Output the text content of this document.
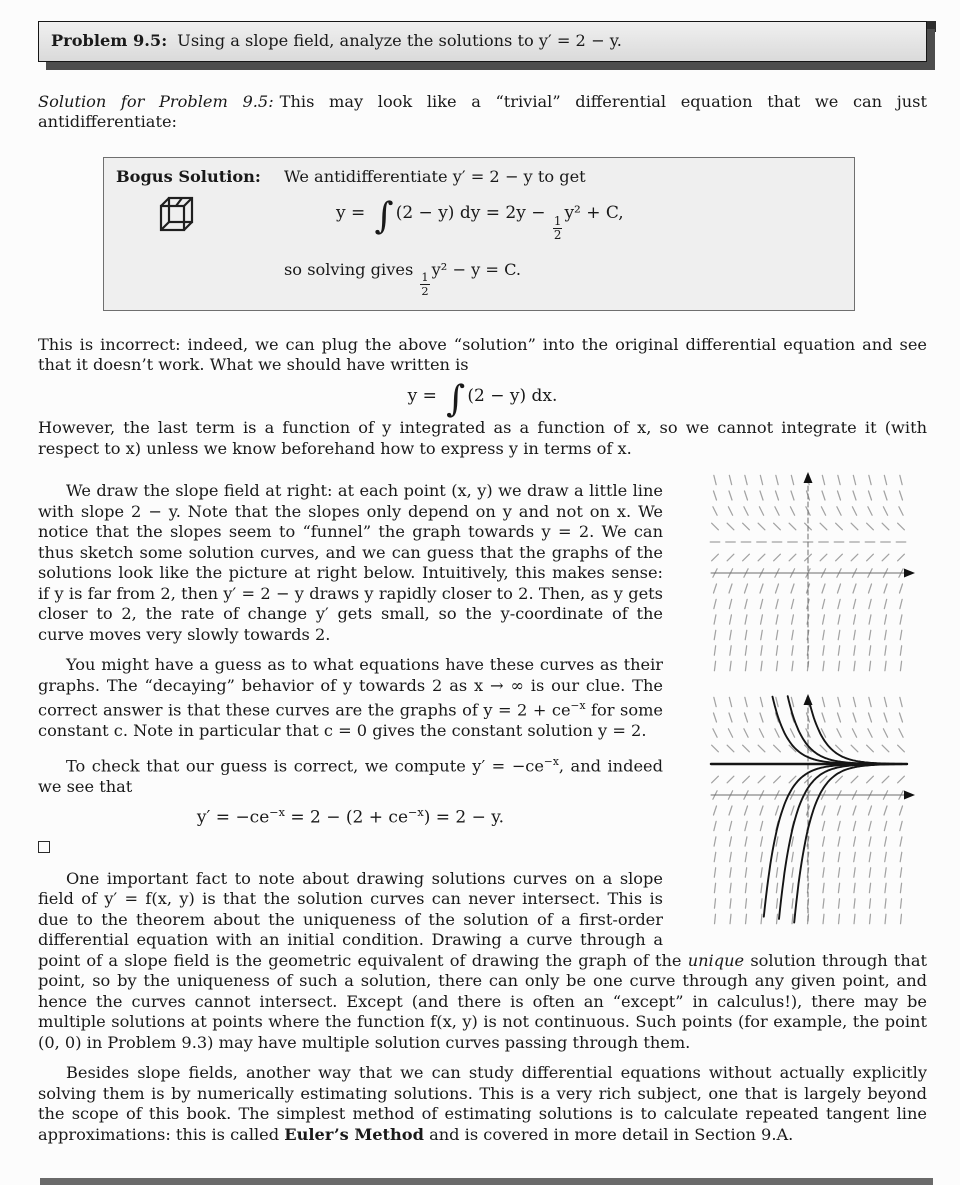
Problem 9.5: Using a slope field, analyze the solutions to y′ = 2 − y.

Solution for Problem 9.5: This may look like a “trivial” differential equation that we can just antidifferentiate:

Bogus Solution: We antidifferentiate y′ = 2 − y to get

y = ∫ (2 − y) dy = 2y −
$\frac{1}{2}$
y² + C,

so solving gives
$\frac{1}{2}$
y² − y = C.

This is incorrect: indeed, we can plug the above “solution” into the original differential equation and see that it doesn’t work. What we should have written is

y = ∫ (2 − y) dx.

However, the last term is a function of y integrated as a function of x, so we cannot integrate it (with respect to x) unless we know beforehand how to express y in terms of x.

We draw the slope field at right: at each point (x, y) we draw a little line with slope 2 − y. Note that the slopes only depend on y and not on x. We notice that the slopes seem to “funnel” the graph towards y = 2. We can thus sketch some solution curves, and we can guess that the graphs of the solutions look like the picture at right below. Intuitively, this makes sense: if y is far from 2, then y′ = 2 − y draws y rapidly closer to 2. Then, as y gets closer to 2, the rate of change y′ gets small, so the y-coordinate of the curve moves very slowly towards 2.

You might have a guess as to what equations have these curves as their graphs. The “decaying” behavior of y towards 2 as x → ∞ is our clue. The correct answer is that these curves are the graphs of $y = 2 + ce^{-x}$ for some constant c. Note in particular that c = 0 gives the constant solution y = 2.

To check that our guess is correct, we compute $y' = -ce^{-x}$, and indeed we see that

$y' = -ce^{-x} = 2 - (2 + ce^{-x}) = 2 - y$.

One important fact to note about drawing solutions curves on a slope field of y′ = f(x, y) is that the solution curves can never intersect. This is due to the theorem about the uniqueness of the solution of a first-order differential equation with an initial condition. Drawing a curve through a point of a slope field is the geometric equivalent of drawing the graph of the unique solution through that point, so by the uniqueness of such a solution, there can only be one curve through any given point, and hence the curves cannot intersect. Except (and there is often an “except” in calculus!), there may be multiple solutions at points where the function f(x, y) is not continuous. Such points (for example, the point (0, 0) in Problem 9.3) may have multiple solution curves passing through them.

Besides slope fields, another way that we can study differential equations without actually explicitly solving them is by numerically estimating solutions. This is a very rich subject, one that is largely beyond the scope of this book. The simplest method of estimating solutions is to calculate repeated tangent line approximations: this is called Euler’s Method and is covered in more detail in Section 9.A.
